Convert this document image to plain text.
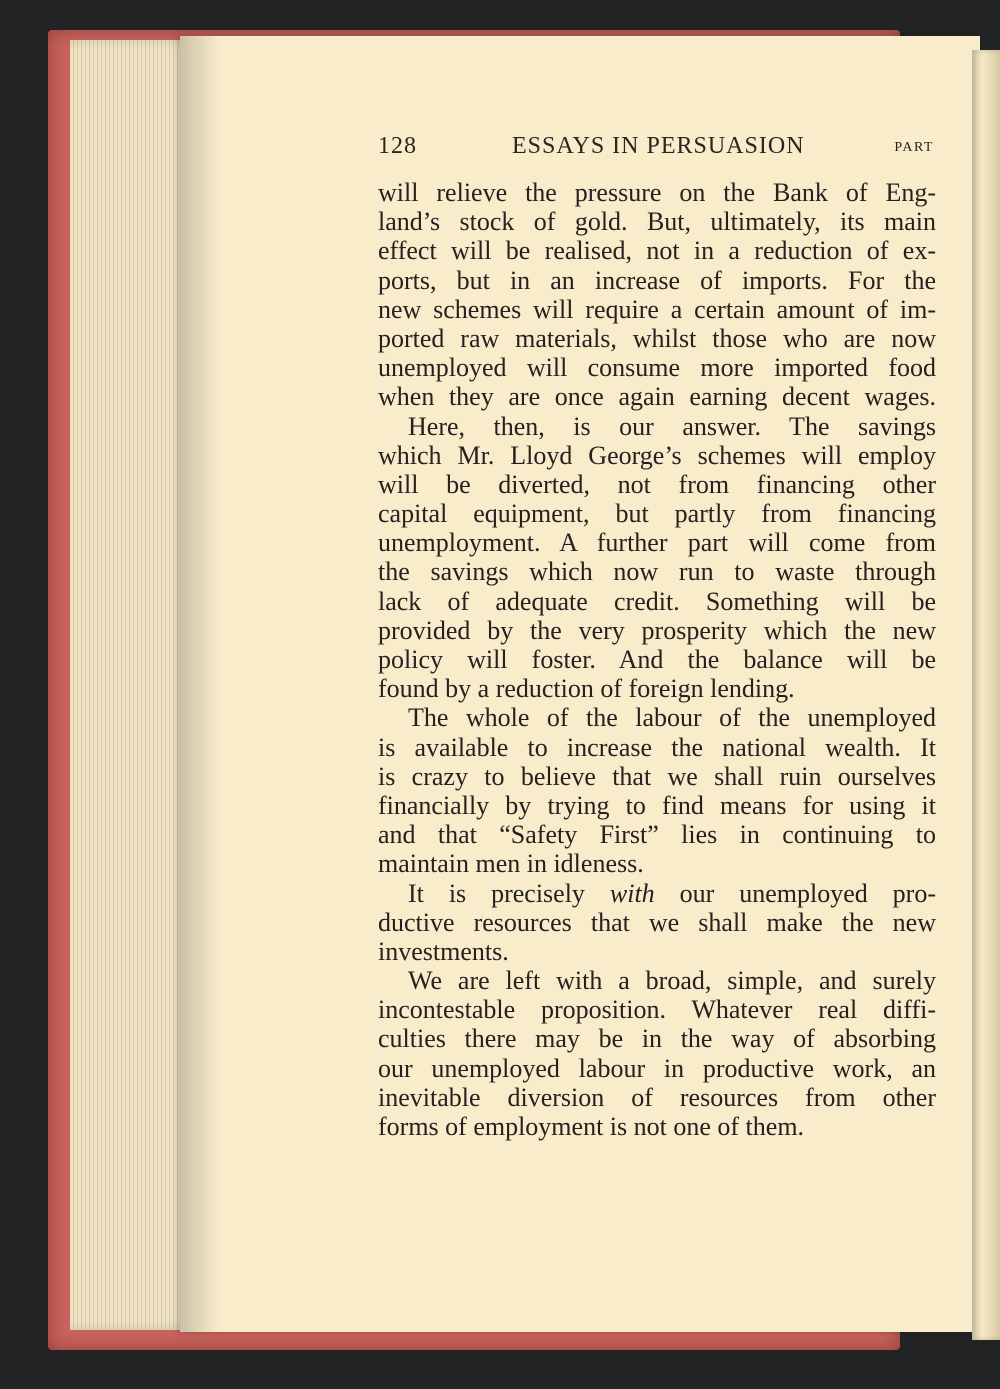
128	ESSAYS IN PERSUASION	PART
will relieve the pressure on the Bank of Eng-
land’s stock of gold. But, ultimately, its main
effect will be realised, not in a reduction of ex-
ports, but in an increase of imports. For the
new schemes will require a certain amount of im-
ported raw materials, whilst those who are now
unemployed will consume more imported food
when they are once again earning decent wages.
Here, then, is our answer. The savings
which Mr. Lloyd George’s schemes will employ
will be diverted, not from financing other
capital equipment, but partly from financing
unemployment. A further part will come from
the savings which now run to waste through
lack of adequate credit. Something will be
provided by the very prosperity which the new
policy will foster. And the balance will be
found by a reduction of foreign lending.
The whole of the labour of the unemployed
is available to increase the national wealth. It
is crazy to believe that we shall ruin ourselves
financially by trying to find means for using it
and that “Safety First” lies in continuing to
maintain men in idleness.
It is precisely with our unemployed pro-
ductive resources that we shall make the new
investments.
We are left with a broad, simple, and surely
incontestable proposition. Whatever real diffi-
culties there may be in the way of absorbing
our unemployed labour in productive work, an
inevitable diversion of resources from other
forms of employment is not one of them.
